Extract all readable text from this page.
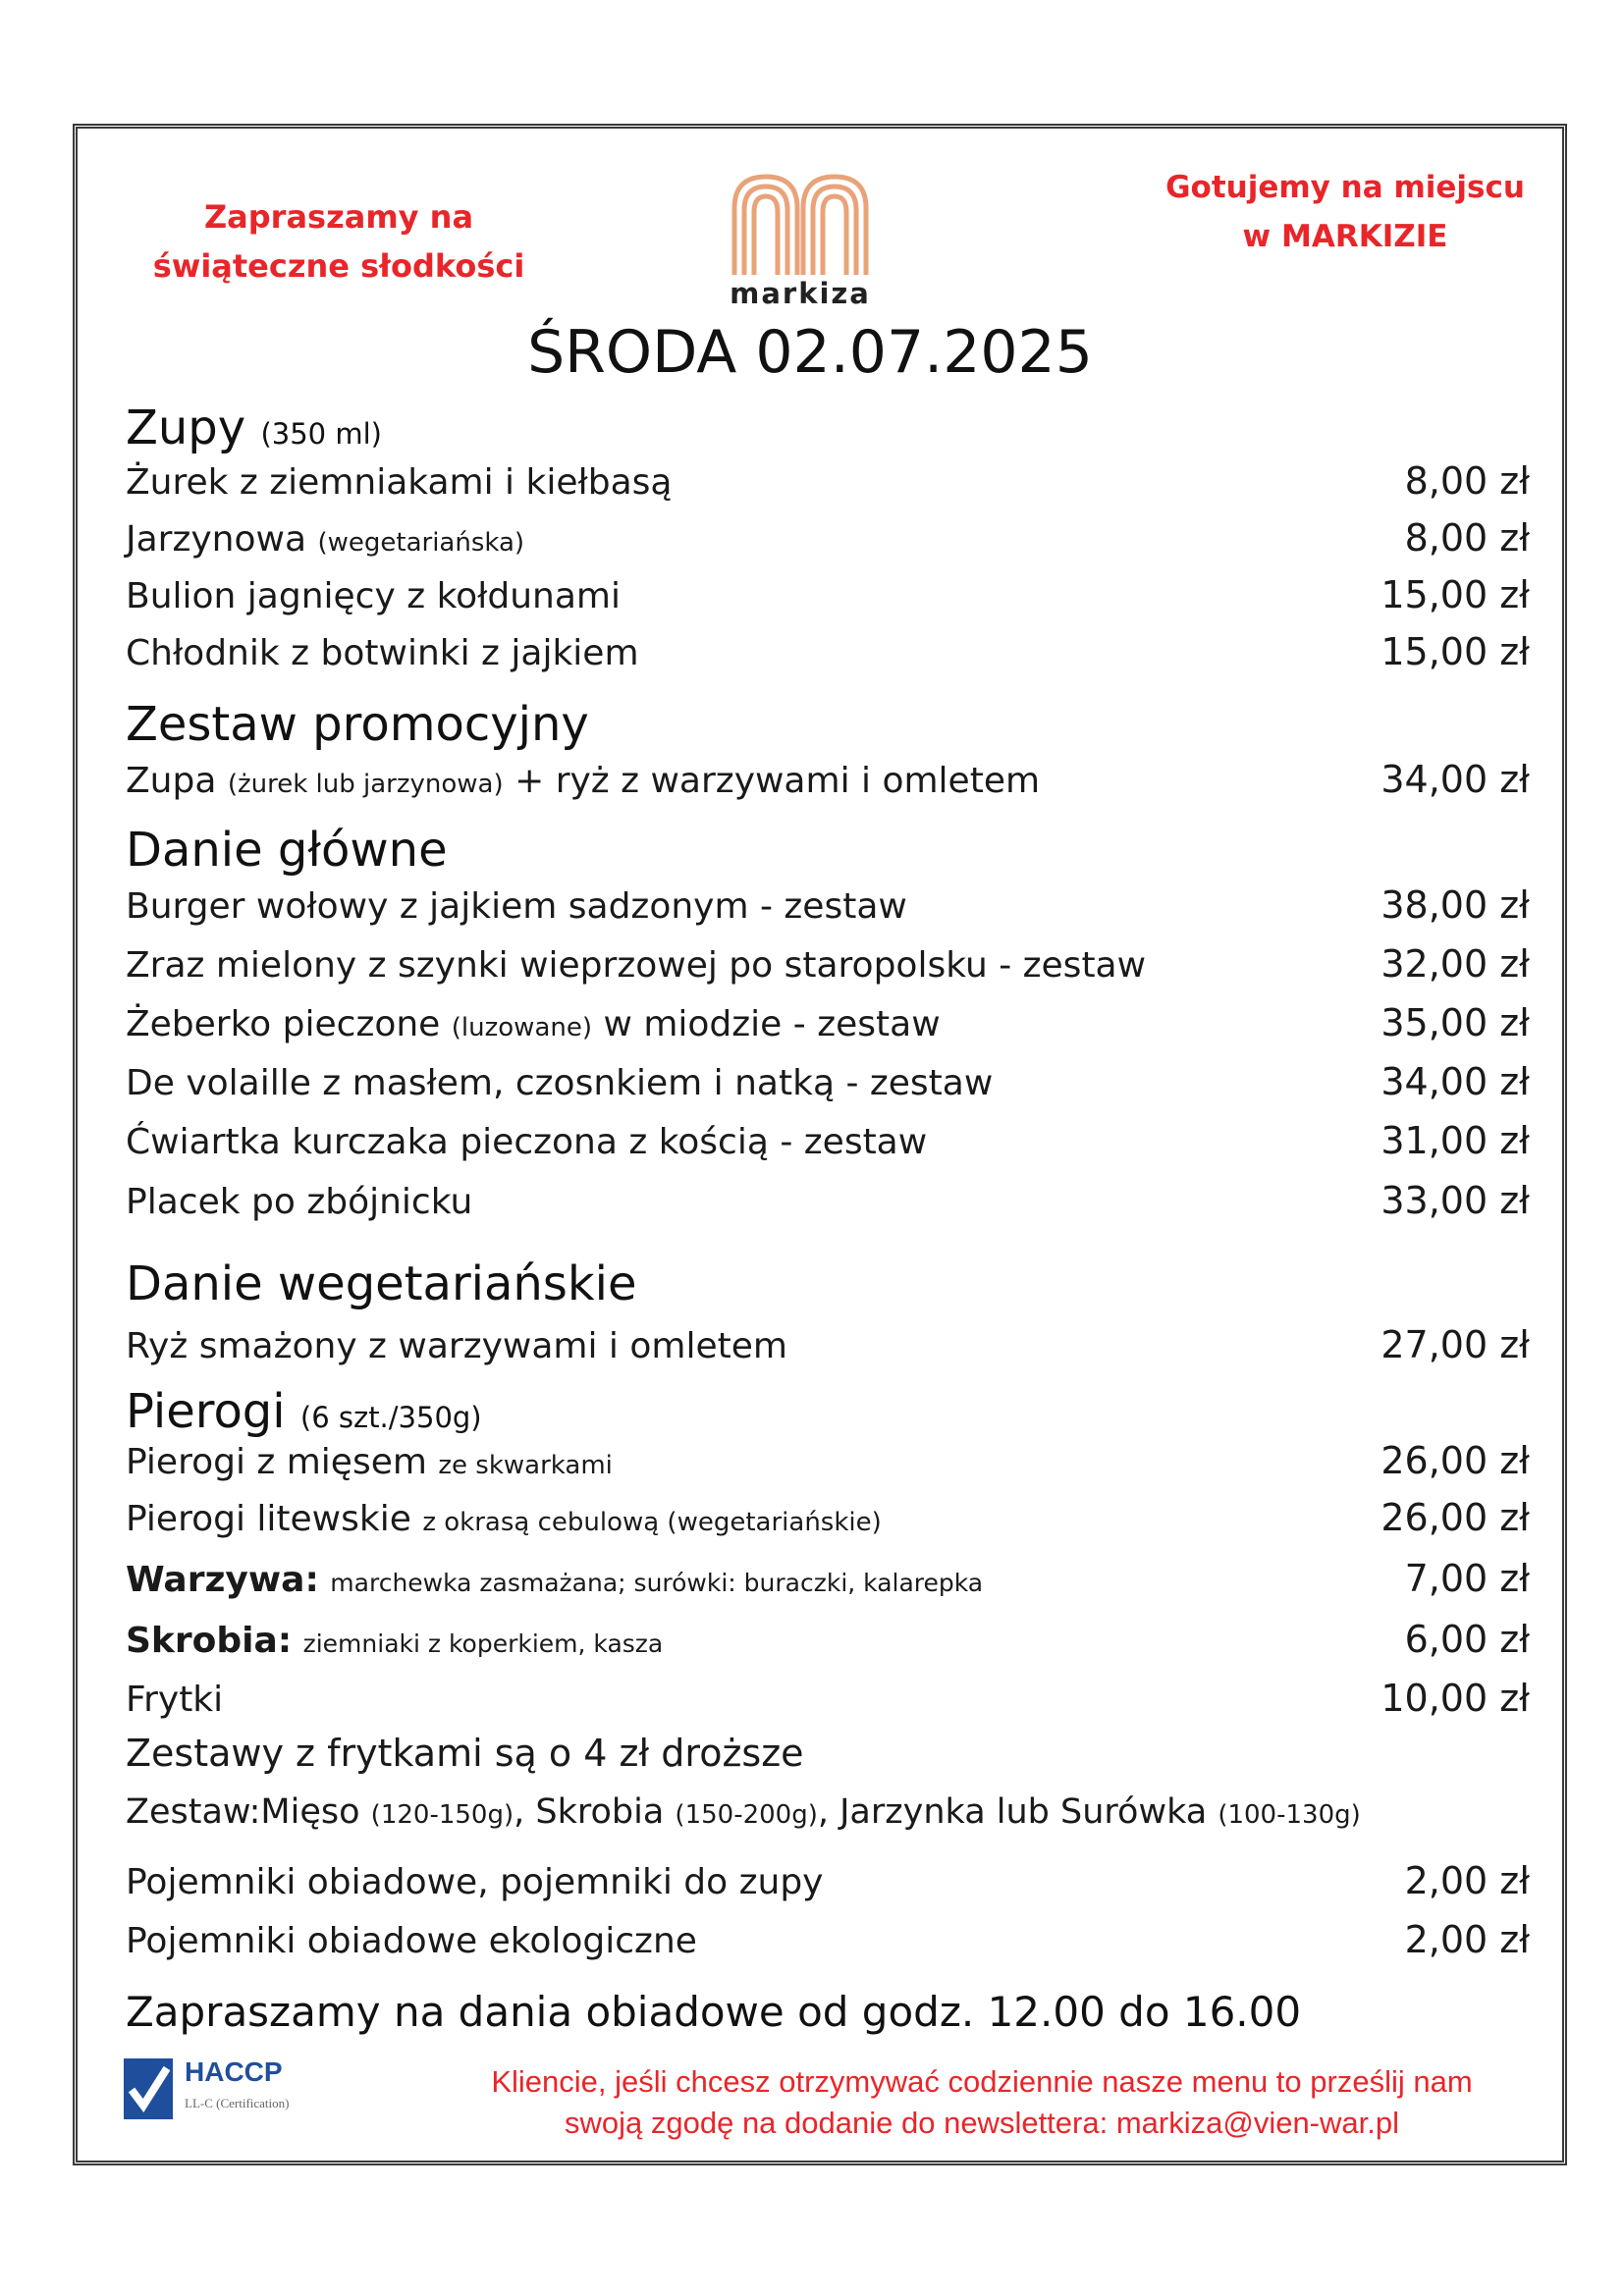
Zapraszamy na
świąteczne słodkości
markiza
Gotujemy na miejscu
w MARKIZIE
ŚRODA 02.07.2025
Zupy (350 ml)
Żurek z ziemniakami i kiełbasą	8,00 zł
Jarzynowa (wegetariańska)	8,00 zł
Bulion jagnięcy z kołdunami	15,00 zł
Chłodnik z botwinki z jajkiem	15,00 zł
Zestaw promocyjny
Zupa (żurek lub jarzynowa) + ryż z warzywami i omletem	34,00 zł
Danie główne
Burger wołowy z jajkiem sadzonym - zestaw	38,00 zł
Zraz mielony z szynki wieprzowej po staropolsku - zestaw	32,00 zł
Żeberko pieczone (luzowane) w miodzie - zestaw	35,00 zł
De volaille z masłem, czosnkiem i natką - zestaw	34,00 zł
Ćwiartka kurczaka pieczona z kością - zestaw	31,00 zł
Placek po zbójnicku	33,00 zł
Danie wegetariańskie
Ryż smażony z warzywami i omletem	27,00 zł
Pierogi (6 szt./350g)
Pierogi z mięsem ze skwarkami	26,00 zł
Pierogi litewskie z okrasą cebulową (wegetariańskie)	26,00 zł
Warzywa: marchewka zasmażana; surówki: buraczki, kalarepka	7,00 zł
Skrobia: ziemniaki z koperkiem, kasza	6,00 zł
Frytki	10,00 zł
Zestawy z frytkami są o 4 zł droższe
Zestaw:Mięso (120-150g), Skrobia (150-200g), Jarzynka lub Surówka (100-130g)
Pojemniki obiadowe, pojemniki do zupy	2,00 zł
Pojemniki obiadowe ekologiczne	2,00 zł
Zapraszamy na dania obiadowe od godz. 12.00 do 16.00
HACCP
LL-C (Certification)
Kliencie, jeśli chcesz otrzymywać codziennie nasze menu to prześlij nam
swoją zgodę na dodanie do newslettera: markiza@vien-war.pl
